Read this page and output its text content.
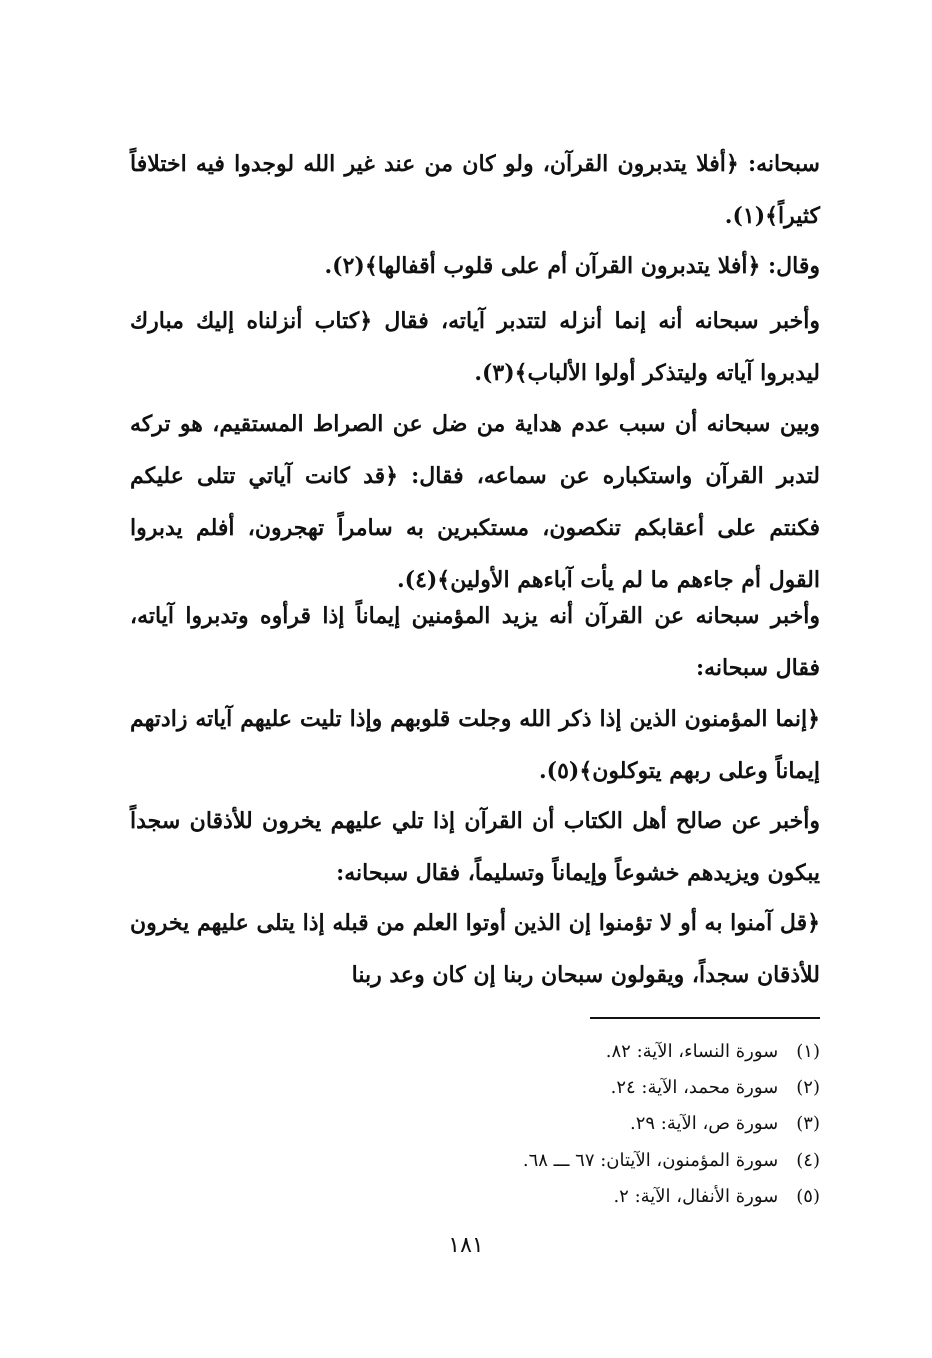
سبحانه: ﴿أفلا يتدبرون القرآن، ولو كان من عند غير الله لوجدوا فيه اختلافاً كثيراً﴾(١).

وقال: ﴿أفلا يتدبرون القرآن أم على قلوب أقفالها﴾(٢).

وأخبر سبحانه أنه إنما أنزله لتتدبر آياته، فقال ﴿كتاب أنزلناه إليك مبارك ليدبروا آياته وليتذكر أولوا الألباب﴾(٣).

وبين سبحانه أن سبب عدم هداية من ضل عن الصراط المستقيم، هو تركه لتدبر القرآن واستكباره عن سماعه، فقال: ﴿قد كانت آياتي تتلى عليكم فكنتم على أعقابكم تنكصون، مستكبرين به سامراً تهجرون، أفلم يدبروا القول أم جاءهم ما لم يأت آباءهم الأولين﴾(٤).

وأخبر سبحانه عن القرآن أنه يزيد المؤمنين إيماناً إذا قرأوه وتدبروا آياته، فقال سبحانه:

﴿إنما المؤمنون الذين إذا ذكر الله وجلت قلوبهم وإذا تليت عليهم آياته زادتهم إيماناً وعلى ربهم يتوكلون﴾(٥).

وأخبر عن صالح أهل الكتاب أن القرآن إذا تلي عليهم يخرون للأذقان سجداً يبكون ويزيدهم خشوعاً وإيماناً وتسليماً، فقال سبحانه:

﴿قل آمنوا به أو لا تؤمنوا إن الذين أوتوا العلم من قبله إذا يتلى عليهم يخرون للأذقان سجداً، ويقولون سبحان ربنا إن كان وعد ربنا

(١) سورة النساء، الآية: ٨٢.

(٢) سورة محمد، الآية: ٢٤.

(٣) سورة ص، الآية: ٢٩.

(٤) سورة المؤمنون، الآيتان: ٦٧ ـــ ٦٨.

(٥) سورة الأنفال، الآية: ٢.

١٨١
